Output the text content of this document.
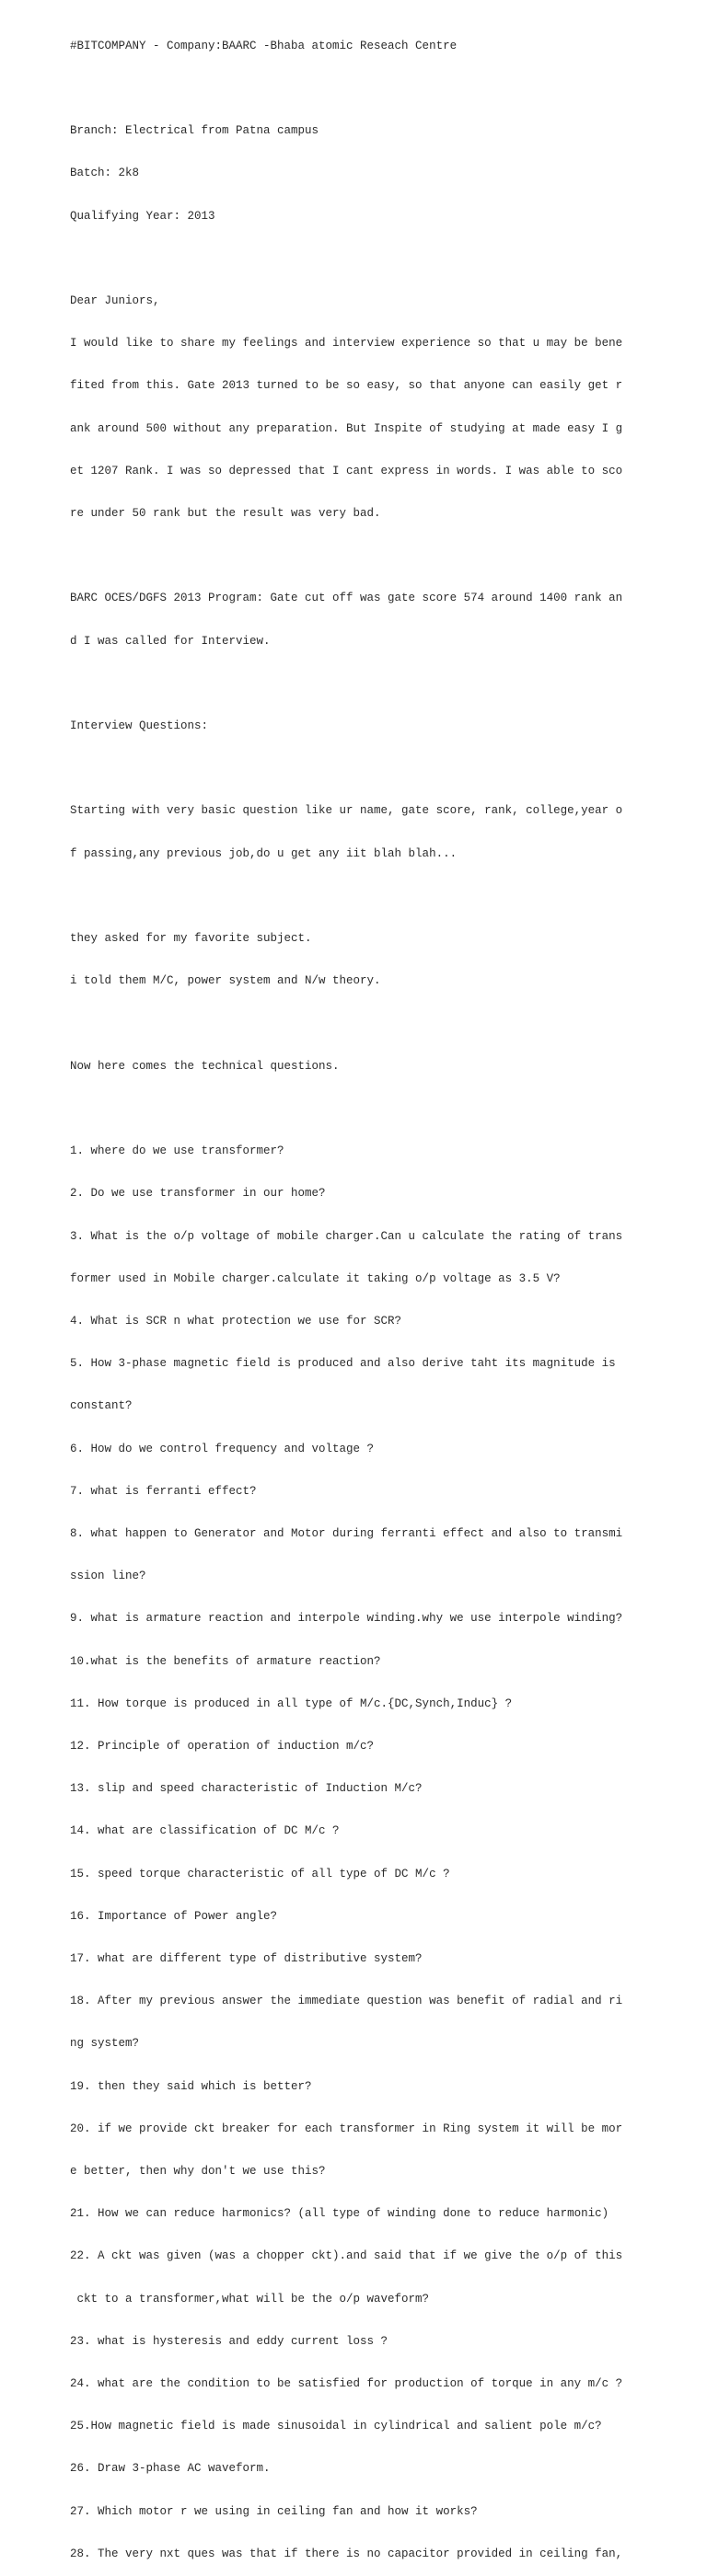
#BITCOMPANY - Company:BAARC -Bhaba atomic Reseach Centre

Branch: Electrical from Patna campus

Batch: 2k8

Qualifying Year: 2013

Dear Juniors,

I would like to share my feelings and interview experience so that u may be bene

fited from this. Gate 2013 turned to be so easy, so that anyone can easily get r

ank around 500 without any preparation. But Inspite of studying at made easy I g

et 1207 Rank. I was so depressed that I cant express in words. I was able to sco

re under 50 rank but the result was very bad.

BARC OCES/DGFS 2013 Program: Gate cut off was gate score 574 around 1400 rank an

d I was called for Interview.

Interview Questions:

Starting with very basic question like ur name, gate score, rank, college,year o

f passing,any previous job,do u get any iit blah blah...

they asked for my favorite subject.

i told them M/C, power system and N/w theory.

Now here comes the technical questions.

1. where do we use transformer?

2. Do we use transformer in our home?

3. What is the o/p voltage of mobile charger.Can u calculate the rating of trans

former used in Mobile charger.calculate it taking o/p voltage as 3.5 V?

4. What is SCR n what protection we use for SCR?

5. How 3-phase magnetic field is produced and also derive taht its magnitude is

constant?

6. How do we control frequency and voltage ?

7. what is ferranti effect?

8. what happen to Generator and Motor during ferranti effect and also to transmi

ssion line?

9. what is armature reaction and interpole winding.why we use interpole winding?

10.what is the benefits of armature reaction?

11. How torque is produced in all type of M/c.{DC,Synch,Induc} ?

12. Principle of operation of induction m/c?

13. slip and speed characteristic of Induction M/c?

14. what are classification of DC M/c ?

15. speed torque characteristic of all type of DC M/c ?

16. Importance of Power angle?

17. what are different type of distributive system?

18. After my previous answer the immediate question was benefit of radial and ri

ng system?

19. then they said which is better?

20. if we provide ckt breaker for each transformer in Ring system it will be mor

e better, then why don't we use this?

21. How we can reduce harmonics? (all type of winding done to reduce harmonic)

22. A ckt was given (was a chopper ckt).and said that if we give the o/p of this

ckt to a transformer,what will be the o/p waveform?

23. what is hysteresis and eddy current loss ?

24. what are the condition to be satisfied for production of torque in any m/c ?

25.How magnetic field is made sinusoidal in cylindrical and salient pole m/c?

26. Draw 3-phase AC waveform.

27. Which motor r we using in ceiling fan and how it works?

28. The very nxt ques was that if there is no capacitor provided in ceiling fan,
